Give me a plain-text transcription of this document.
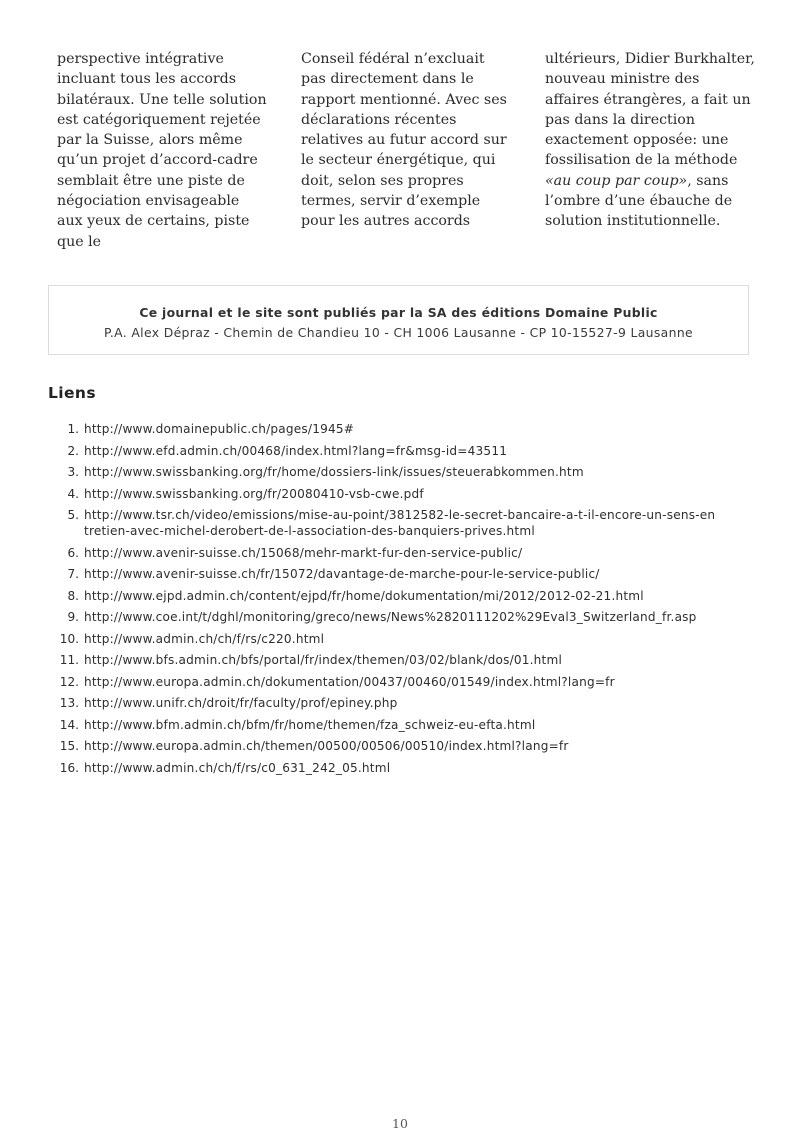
perspective intégrative incluant tous les accords bilatéraux. Une telle solution est catégoriquement rejetée par la Suisse, alors même qu’un projet d’accord-cadre semblait être une piste de négociation envisageable aux yeux de certains, piste que le

Conseil fédéral n’excluait pas directement dans le rapport mentionné. Avec ses déclarations récentes relatives au futur accord sur le secteur énergétique, qui doit, selon ses propres termes, servir d’exemple pour les autres accords

ultérieurs, Didier Burkhalter, nouveau ministre des affaires étrangères, a fait un pas dans la direction exactement opposée: une fossilisation de la méthode «au coup par coup», sans l’ombre d’une ébauche de solution institutionnelle.

Ce journal et le site sont publiés par la SA des éditions Domaine Public
P.A. Alex Dépraz - Chemin de Chandieu 10 - CH 1006 Lausanne - CP 10-15527-9 Lausanne
Liens
1. http://www.domainepublic.ch/pages/1945#
2. http://www.efd.admin.ch/00468/index.html?lang=fr&msg-id=43511
3. http://www.swissbanking.org/fr/home/dossiers-link/issues/steuerabkommen.htm
4. http://www.swissbanking.org/fr/20080410-vsb-cwe.pdf
5. http://www.tsr.ch/video/emissions/mise-au-point/3812582-le-secret-bancaire-a-t-il-encore-un-sens-entretien-avec-michel-derobert-de-l-association-des-banquiers-prives.html
6. http://www.avenir-suisse.ch/15068/mehr-markt-fur-den-service-public/
7. http://www.avenir-suisse.ch/fr/15072/davantage-de-marche-pour-le-service-public/
8. http://www.ejpd.admin.ch/content/ejpd/fr/home/dokumentation/mi/2012/2012-02-21.html
9. http://www.coe.int/t/dghl/monitoring/greco/news/News%2820111202%29Eval3_Switzerland_fr.asp
10. http://www.admin.ch/ch/f/rs/c220.html
11. http://www.bfs.admin.ch/bfs/portal/fr/index/themen/03/02/blank/dos/01.html
12. http://www.europa.admin.ch/dokumentation/00437/00460/01549/index.html?lang=fr
13. http://www.unifr.ch/droit/fr/faculty/prof/epiney.php
14. http://www.bfm.admin.ch/bfm/fr/home/themen/fza_schweiz-eu-efta.html
15. http://www.europa.admin.ch/themen/00500/00506/00510/index.html?lang=fr
16. http://www.admin.ch/ch/f/rs/c0_631_242_05.html
10
